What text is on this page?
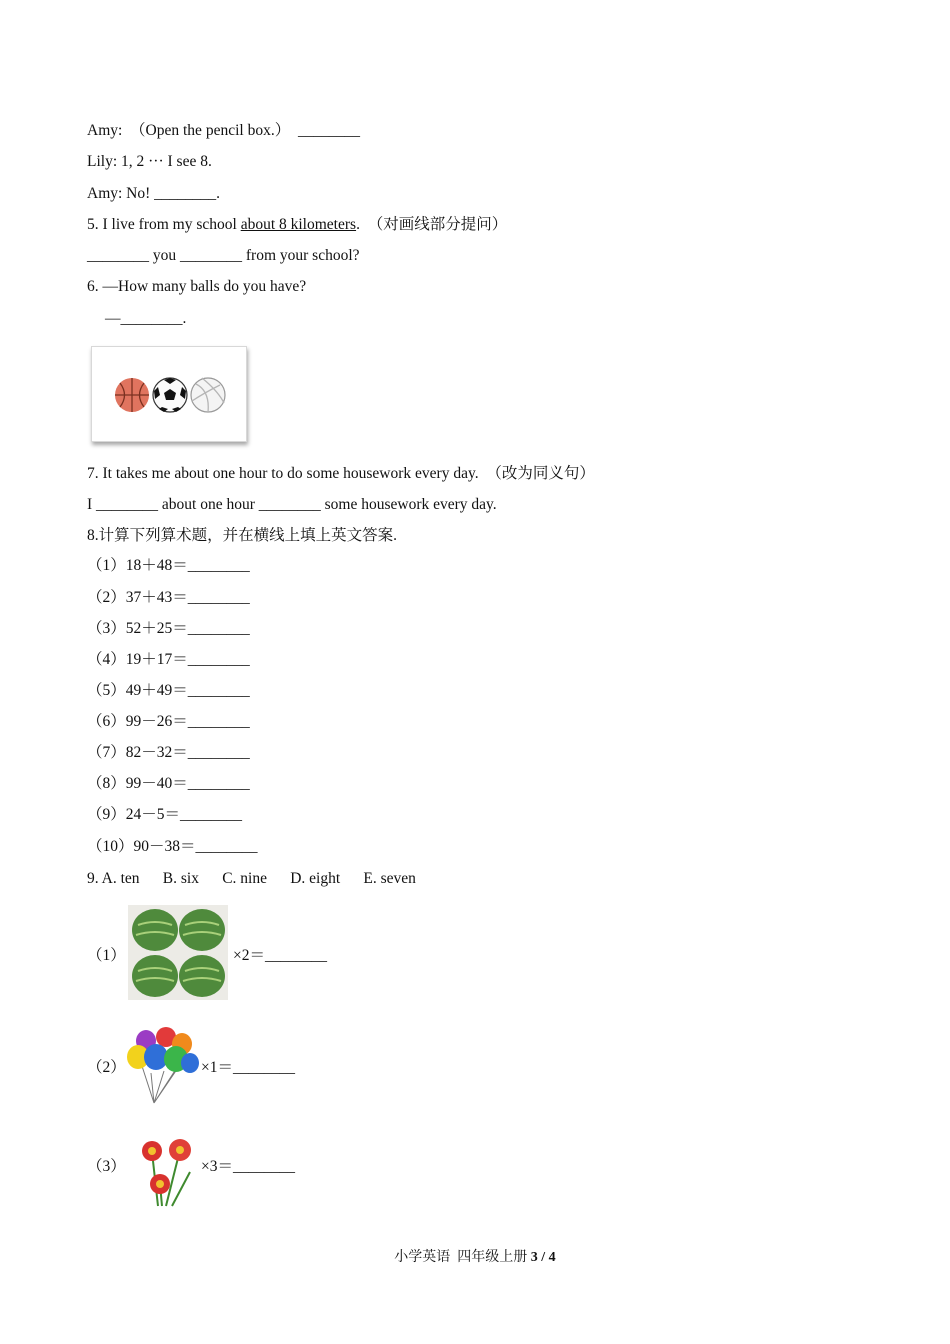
Amy:  （Open the pencil box.）  ________
Lily: 1, 2 ··· I see 8.
Amy: No! ________.
5. I live from my school about 8 kilometers.  （对画线部分提问）
________ you ________ from your school?
6. —How many balls do you have?
—________.
7. It takes me about one hour to do some housework every day.  （改为同义句）
I ________ about one hour ________ some housework every day.
8.计算下列算术题，并在横线上填上英文答案.
（1）18＋48＝________
（2）37＋43＝________
（3）52＋25＝________
（4）19＋17＝________
（5）49＋49＝________
（6）99－26＝________
（7）82－32＝________
（8）99－40＝________
（9）24－5＝________
（10）90－38＝________
9. A. ten      B. six      C. nine      D. eight      E. seven
（1）	×2＝________
（2）	×1＝________
（3）	×3＝________
小学英语  四年级上册 3 / 4
